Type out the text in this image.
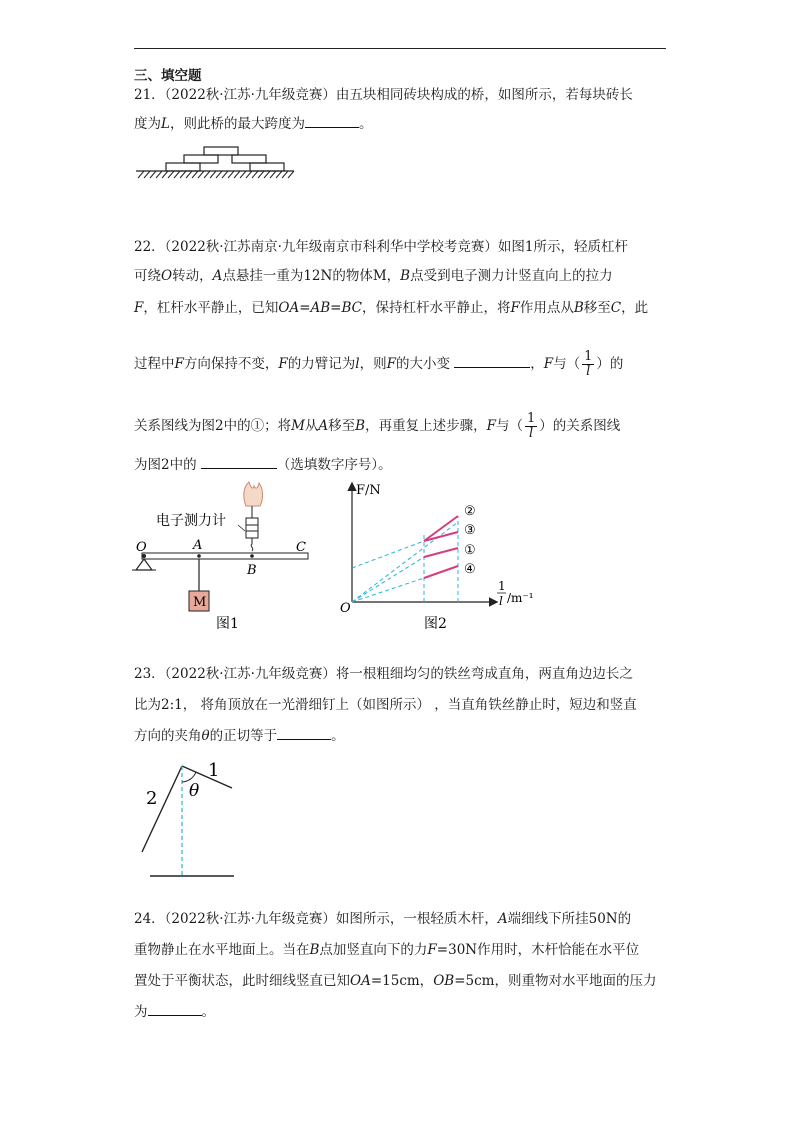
三、填空题
21．（2022秋·江苏·九年级竞赛）由五块相同砖块构成的桥，如图所示，若每块砖长
度为L，则此桥的最大跨度为	。
22．（2022秋·江苏南京·九年级南京市科利华中学校考竞赛）如图1所示，轻质杠杆
可绕O转动，A点悬挂一重为12N的物体M，B点受到电子测力计竖直向上的拉力
F，杠杆水平静止，已知OA=AB=BC，保持杠杆水平静止，将F作用点从B移至C，此
过程中F方向保持不变，F的力臂记为l，则F的大小变	，F与（ $\frac{1}{l}$ ）的
关系图线为图2中的①；将M从A移至B，再重复上述步骤，F与（ $\frac{1}{l}$ ）的关系图线
为图2中的	（选填数字序号）。
电子测力计
M
O	A
B
C
图1
F/N
1
l /m⁻¹
O
②
③
①
④
图2
23．（2022秋·江苏·九年级竞赛）将一根粗细均匀的铁丝弯成直角，两直角边边长之
比为2:1， 将角顶放在一光滑细钉上（如图所示） ，当直角铁丝静止时，短边和竖直
方向的夹角θ的正切等于	。
2
1
θ
24．（2022秋·江苏·九年级竞赛）如图所示，一根轻质木杆，A端细线下所挂50N的
重物静止在水平地面上。当在B点加竖直向下的力F=30N作用时，木杆恰能在水平位
置处于平衡状态，此时细线竖直已知OA=15cm，OB=5cm，则重物对水平地面的压力
为	。
